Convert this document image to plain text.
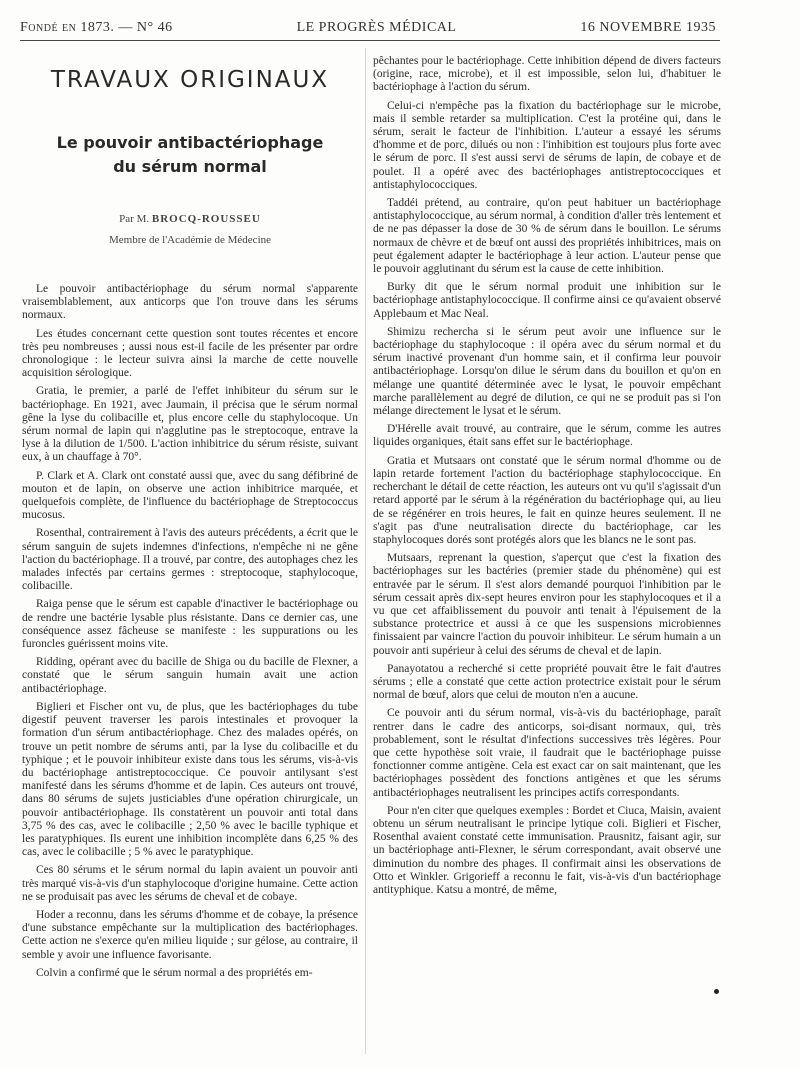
Fondé en 1873. — N° 46	LE PROGRÈS MÉDICAL	16 NOVEMBRE 1935
TRAVAUX ORIGINAUX
Le pouvoir antibactériophage
du sérum normal
Par M. BROCQ-ROUSSEU
Membre de l'Académie de Médecine

Le pouvoir antibactériophage du sérum normal s'apparente vraisemblablement, aux anticorps que l'on trouve dans les sérums normaux.

Les études concernant cette question sont toutes récentes et encore très peu nombreuses ; aussi nous est-il facile de les présenter par ordre chronologique : le lecteur suivra ainsi la marche de cette nouvelle acquisition sérologique.

Gratia, le premier, a parlé de l'effet inhibiteur du sérum sur le bactériophage. En 1921, avec Jaumain, il précisa que le sérum normal gêne la lyse du colibacille et, plus encore celle du staphylocoque. Un sérum normal de lapin qui n'agglutine pas le streptocoque, entrave la lyse à la dilution de 1/500. L'action inhibitrice du sérum résiste, suivant eux, à un chauffage à 70°.

P. Clark et A. Clark ont constaté aussi que, avec du sang défibriné de mouton et de lapin, on observe une action inhibitrice marquée, et quelquefois complète, de l'influence du bactériophage de Streptococcus mucosus.

Rosenthal, contrairement à l'avis des auteurs précédents, a écrit que le sérum sanguin de sujets indemnes d'infections, n'empêche ni ne gêne l'action du bactériophage. Il a trouvé, par contre, des autophages chez les malades infectés par certains germes : streptocoque, staphylocoque, colibacille.

Raiga pense que le sérum est capable d'inactiver le bactériophage ou de rendre une bactérie lysable plus résistante. Dans ce dernier cas, une conséquence assez fâcheuse se manifeste : les suppurations ou les furoncles guérissent moins vite.

Ridding, opérant avec du bacille de Shiga ou du bacille de Flexner, a constaté que le sérum sanguin humain avait une action antibactériophage.

Biglieri et Fischer ont vu, de plus, que les bactériophages du tube digestif peuvent traverser les parois intestinales et provoquer la formation d'un sérum antibactériophage. Chez des malades opérés, on trouve un petit nombre de sérums anti, par la lyse du colibacille et du typhique ; et le pouvoir inhibiteur existe dans tous les sérums, vis-à-vis du bactériophage antistreptococcique. Ce pouvoir antilysant s'est manifesté dans les sérums d'homme et de lapin. Ces auteurs ont trouvé, dans 80 sérums de sujets justiciables d'une opération chirurgicale, un pouvoir antibactériophage. Ils constatèrent un pouvoir anti total dans 3,75 % des cas, avec le colibacille ; 2,50 % avec le bacille typhique et les paratyphiques. Ils eurent une inhibition incomplète dans 6,25 % des cas, avec le colibacille ; 5 % avec le paratyphique.

Ces 80 sérums et le sérum normal du lapin avaient un pouvoir anti très marqué vis-à-vis d'un staphylocoque d'origine humaine. Cette action ne se produisait pas avec les sérums de cheval et de cobaye.

Hoder a reconnu, dans les sérums d'homme et de cobaye, la présence d'une substance empêchante sur la multiplication des bactériophages. Cette action ne s'exerce qu'en milieu liquide ; sur gélose, au contraire, il semble y avoir une influence favorisante.

Colvin a confirmé que le sérum normal a des propriétés em-

pêchantes pour le bactériophage. Cette inhibition dépend de divers facteurs (origine, race, microbe), et il est impossible, selon lui, d'habituer le bactériophage à l'action du sérum.

Celui-ci n'empêche pas la fixation du bactériophage sur le microbe, mais il semble retarder sa multiplication. C'est la protéine qui, dans le sérum, serait le facteur de l'inhibition. L'auteur a essayé les sérums d'homme et de porc, dilués ou non : l'inhibition est toujours plus forte avec le sérum de porc. Il s'est aussi servi de sérums de lapin, de cobaye et de poulet. Il a opéré avec des bactériophages antistreptococciques et antistaphylococciques.

Taddéi prétend, au contraire, qu'on peut habituer un bactériophage antistaphylococcique, au sérum normal, à condition d'aller très lentement et de ne pas dépasser la dose de 30 % de sérum dans le bouillon. Le sérums normaux de chèvre et de bœuf ont aussi des propriétés inhibitrices, mais on peut également adapter le bactériophage à leur action. L'auteur pense que le pouvoir agglutinant du sérum est la cause de cette inhibition.

Burky dit que le sérum normal produit une inhibition sur le bactériophage antistaphylococcique. Il confirme ainsi ce qu'avaient observé Applebaum et Mac Neal.

Shimizu rechercha si le sérum peut avoir une influence sur le bactériophage du staphylocoque : il opéra avec du sérum normal et du sérum inactivé provenant d'un homme sain, et il confirma leur pouvoir antibactériophage. Lorsqu'on dilue le sérum dans du bouillon et qu'on en mélange une quantité déterminée avec le lysat, le pouvoir empêchant marche parallèlement au degré de dilution, ce qui ne se produit pas si l'on mélange directement le lysat et le sérum.

D'Hérelle avait trouvé, au contraire, que le sérum, comme les autres liquides organiques, était sans effet sur le bactériophage.

Gratia et Mutsaars ont constaté que le sérum normal d'homme ou de lapin retarde fortement l'action du bactériophage staphylococcique. En recherchant le détail de cette réaction, les auteurs ont vu qu'il s'agissait d'un retard apporté par le sérum à la régénération du bactériophage qui, au lieu de se régénérer en trois heures, le fait en quinze heures seulement. Il ne s'agit pas d'une neutralisation directe du bactériophage, car les staphylocoques dorés sont protégés alors que les blancs ne le sont pas.

Mutsaars, reprenant la question, s'aperçut que c'est la fixation des bactériophages sur les bactéries (premier stade du phénomène) qui est entravée par le sérum. Il s'est alors demandé pourquoi l'inhibition par le sérum cessait après dix-sept heures environ pour les staphylocoques et il a vu que cet affaiblissement du pouvoir anti tenait à l'épuisement de la substance protectrice et aussi à ce que les suspensions microbiennes finissaient par vaincre l'action du pouvoir inhibiteur. Le sérum humain a un pouvoir anti supérieur à celui des sérums de cheval et de lapin.

Panayotatou a recherché si cette propriété pouvait être le fait d'autres sérums ; elle a constaté que cette action protectrice existait pour le sérum normal de bœuf, alors que celui de mouton n'en a aucune.

Ce pouvoir anti du sérum normal, vis-à-vis du bactériophage, paraît rentrer dans le cadre des anticorps, soi-disant normaux, qui, très probablement, sont le résultat d'infections successives très légères. Pour que cette hypothèse soit vraie, il faudrait que le bactériophage puisse fonctionner comme antigène. Cela est exact car on sait maintenant, que les bactériophages possèdent des fonctions antigènes et que les sérums antibactériophages neutralisent les principes actifs correspondants.

Pour n'en citer que quelques exemples : Bordet et Ciuca, Maisin, avaient obtenu un sérum neutralisant le principe lytique coli. Biglieri et Fischer, Rosenthal avaient constaté cette immunisation. Prausnitz, faisant agir, sur un bactériophage anti-Flexner, le sérum correspondant, avait observé une diminution du nombre des phages. Il confirmait ainsi les observations de Otto et Winkler. Grigorieff a reconnu le fait, vis-à-vis d'un bactériophage antityphique. Katsu a montré, de même,
